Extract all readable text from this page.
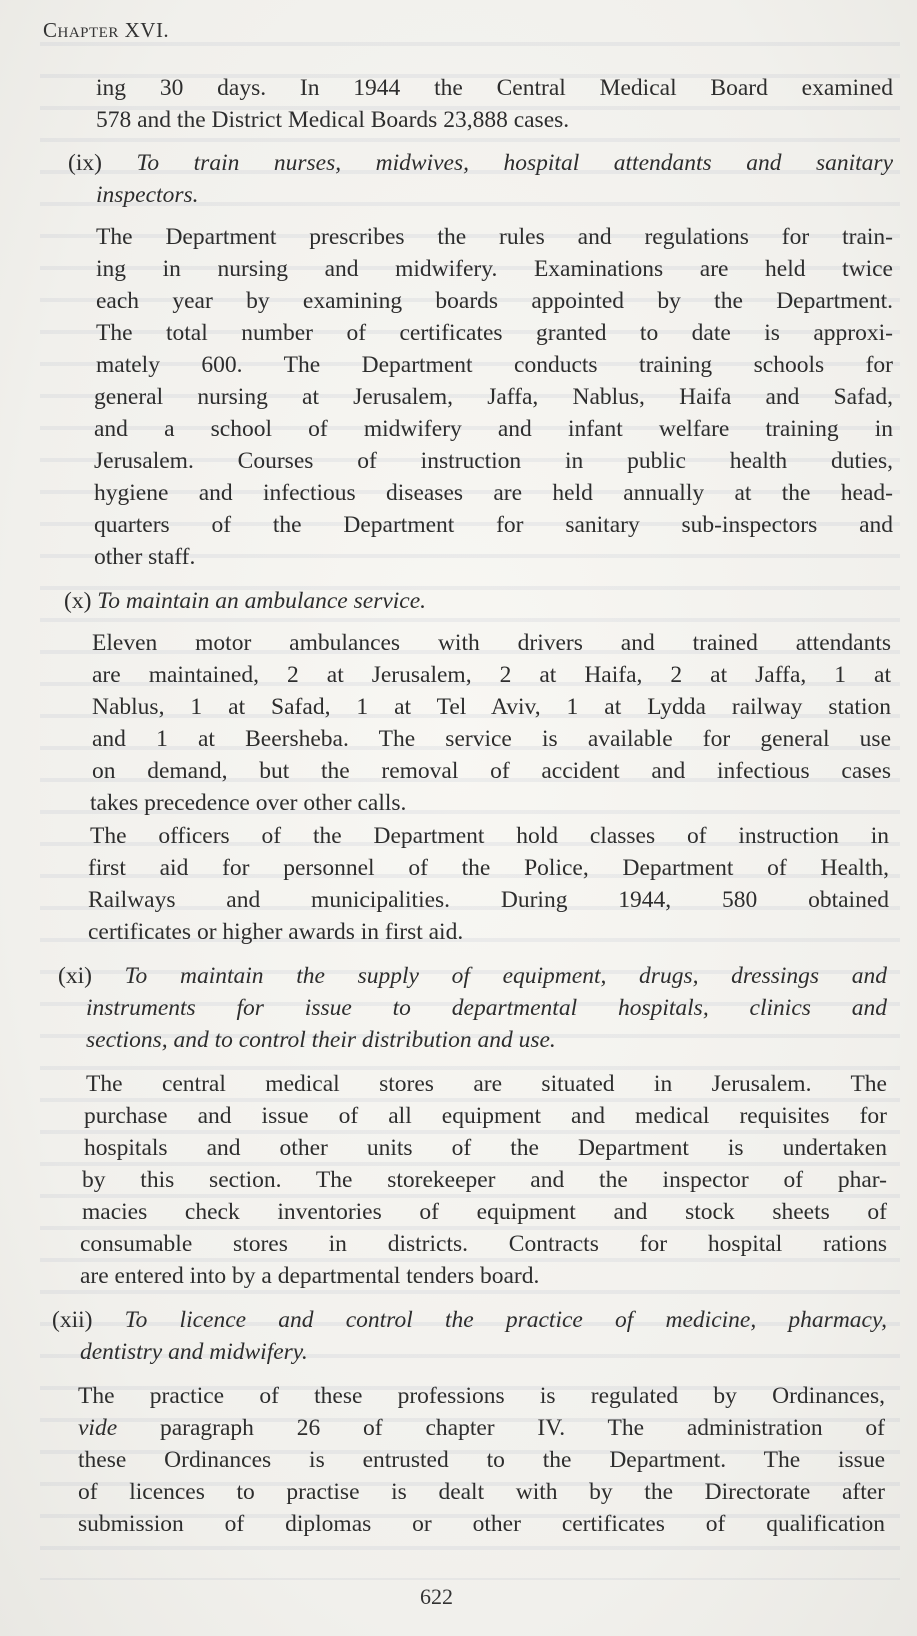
Chapter XVI.
ing 30 days. In 1944 the Central Medical Board examined
578 and the District Medical Boards 23,888 cases.
(ix) To train nurses, midwives, hospital attendants and sanitary
inspectors.
The Department prescribes the rules and regulations for train-
ing in nursing and midwifery. Examinations are held twice
each year by examining boards appointed by the Department.
The total number of certificates granted to date is approxi-
mately 600. The Department conducts training schools for
general nursing at Jerusalem, Jaffa, Nablus, Haifa and Safad,
and a school of midwifery and infant welfare training in
Jerusalem. Courses of instruction in public health duties,
hygiene and infectious diseases are held annually at the head-
quarters of the Department for sanitary sub-inspectors and
other staff.
(x) To maintain an ambulance service.
Eleven motor ambulances with drivers and trained attendants
are maintained, 2 at Jerusalem, 2 at Haifa, 2 at Jaffa, 1 at
Nablus, 1 at Safad, 1 at Tel Aviv, 1 at Lydda railway station
and 1 at Beersheba. The service is available for general use
on demand, but the removal of accident and infectious cases
takes precedence over other calls.
The officers of the Department hold classes of instruction in
first aid for personnel of the Police, Department of Health,
Railways and municipalities. During 1944, 580 obtained
certificates or higher awards in first aid.
(xi) To maintain the supply of equipment, drugs, dressings and
instruments for issue to departmental hospitals, clinics and
sections, and to control their distribution and use.
The central medical stores are situated in Jerusalem. The
purchase and issue of all equipment and medical requisites for
hospitals and other units of the Department is undertaken
by this section. The storekeeper and the inspector of phar-
macies check inventories of equipment and stock sheets of
consumable stores in districts. Contracts for hospital rations
are entered into by a departmental tenders board.
(xii) To licence and control the practice of medicine, pharmacy,
dentistry and midwifery.
The practice of these professions is regulated by Ordinances,
vide paragraph 26 of chapter IV. The administration of
these Ordinances is entrusted to the Department. The issue
of licences to practise is dealt with by the Directorate after
submission of diplomas or other certificates of qualification
622
